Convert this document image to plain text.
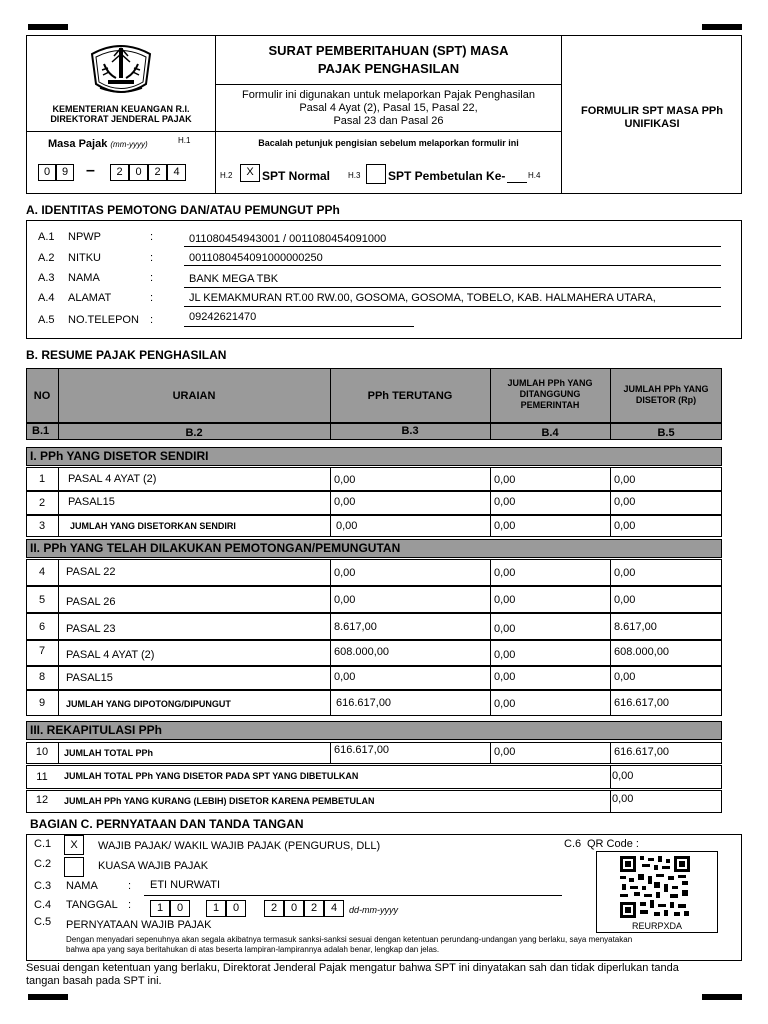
KEMENTERIAN KEUANGAN R.I.
DIREKTORAT JENDERAL PAJAK
SURAT PEMBERITAHUAN (SPT) MASA
PAJAK PENGHASILAN
Formulir ini digunakan untuk melaporkan Pajak Penghasilan
Pasal 4 Ayat (2), Pasal 15, Pasal 22,
Pasal 23 dan Pasal 26
FORMULIR SPT MASA PPh
UNIFIKASI
Masa Pajak (mm-yyyy)	H.1
0	9	–	2	0	2	4
Bacalah petunjuk pengisian sebelum melaporkan formulir ini
H.2	X SPT Normal H.3 SPT Pembetulan Ke-	H.4
A. IDENTITAS PEMOTONG DAN/ATAU PEMUNGUT PPh
A.1 NPWP	:	011080454943001 / 0011080454091000
A.2 NITKU	:	0011080454091000000250
A.3 NAMA	:	BANK MEGA TBK
A.4 ALAMAT	:	JL KEMAKMURAN RT.00 RW.00, GOSOMA, GOSOMA, TOBELO, KAB. HALMAHERA UTARA,
A.5 NO.TELEPON :	09242621470
B. RESUME PAJAK PENGHASILAN
NO	URAIAN	PPh TERUTANG
JUMLAH PPh YANG
DITANGGUNG
PEMERINTAH
JUMLAH PPh YANG
DISETOR (Rp)
B.1	B.2	B.3	B.4	B.5
I. PPh YANG DISETOR SENDIRI
1	PASAL 4 AYAT (2)	0,00	0,00	0,00
2	PASAL15	0,00	0,00	0,00
3	JUMLAH YANG DISETORKAN SENDIRI	0,00	0,00	0,00
II. PPh YANG TELAH DILAKUKAN PEMOTONGAN/PEMUNGUTAN
4	PASAL 22	0,00	0,00	0,00
5	PASAL 26	0,00	0,00	0,00
6	PASAL 23	8.617,00	0,00	8.617,00
7	PASAL 4 AYAT (2)	608.000,00	0,00	608.000,00
8	PASAL15	0,00	0,00	0,00
9	JUMLAH YANG DIPOTONG/DIPUNGUT	616.617,00	0,00	616.617,00
III. REKAPITULASI PPh
10	JUMLAH TOTAL PPh	616.617,00	0,00	616.617,00
11	JUMLAH TOTAL PPh YANG DISETOR PADA SPT YANG DIBETULKAN	0,00
12	JUMLAH PPh YANG KURANG (LEBIH) DISETOR KARENA PEMBETULAN	0,00
BAGIAN C. PERNYATAAN DAN TANDA TANGAN
C.1	X	WAJIB PAJAK/ WAKIL WAJIB PAJAK (PENGURUS, DLL)
C.2	KUASA WAJIB PAJAK
C.3 NAMA	: ETI NURWATI
C.4 TANGGAL :	1	0	1	0	2	0	2	4	dd-mm-yyyy
C.5 PERNYATAAN WAJIB PAJAK
Dengan menyadari sepenuhnya akan segala akibatnya termasuk sanksi-sanksi sesuai dengan ketentuan perundang-undangan yang berlaku, saya menyatakan
bahwa apa yang saya beritahukan di atas beserta lampiran-lampirannya adalah benar, lengkap dan jelas.
C.6 QR Code :
REURPXDA
Sesuai dengan ketentuan yang berlaku, Direktorat Jenderal Pajak mengatur bahwa SPT ini dinyatakan sah dan tidak diperlukan tanda
tangan basah pada SPT ini.
